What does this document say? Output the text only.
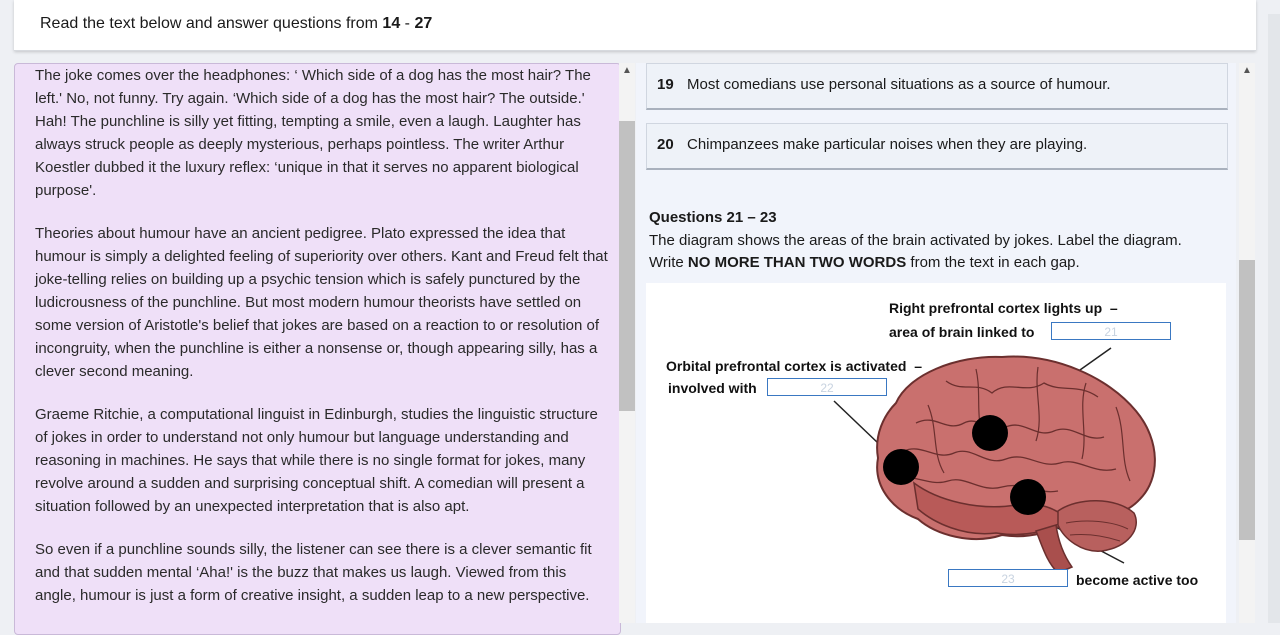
Read the text below and answer questions from 14 - 27

The joke comes over the headphones: ‘ Which side of a dog has the most hair? The left.' No, not funny. Try again. ‘Which side of a dog has the most hair? The outside.' Hah! The punchline is silly yet fitting, tempting a smile, even a laugh. Laughter has always struck people as deeply mysterious, perhaps pointless. The writer Arthur Koestler dubbed it the luxury reflex: ‘unique in that it serves no apparent biological purpose'.

Theories about humour have an ancient pedigree. Plato expressed the idea that humour is simply a delighted feeling of superiority over others. Kant and Freud felt that joke-telling relies on building up a psychic tension which is safely punctured by the ludicrousness of the punchline. But most modern humour theorists have settled on some version of Aristotle's belief that jokes are based on a reaction to or resolution of incongruity, when the punchline is either a nonsense or, though appearing silly, has a clever second meaning.

Graeme Ritchie, a computational linguist in Edinburgh, studies the linguistic structure of jokes in order to understand not only humour but language understanding and reasoning in machines. He says that while there is no single format for jokes, many revolve around a sudden and surprising conceptual shift. A comedian will present a situation followed by an unexpected interpretation that is also apt.

So even if a punchline sounds silly, the listener can see there is a clever semantic fit and that sudden mental ‘Aha!' is the buzz that makes us laugh. Viewed from this angle, humour is just a form of creative insight, a sudden leap to a new perspective.

▲
19 Most comedians use personal situations as a source of humour.
20 Chimpanzees make particular noises when they are playing.
Questions 21 – 23
The diagram shows the areas of the brain activated by jokes. Label the diagram.
Write NO MORE THAN TWO WORDS from the text in each gap.
Right prefrontal cortex lights up –
area of brain linked to	21
Orbital prefrontal cortex is activated –
involved with	22
23	become active too
▲
